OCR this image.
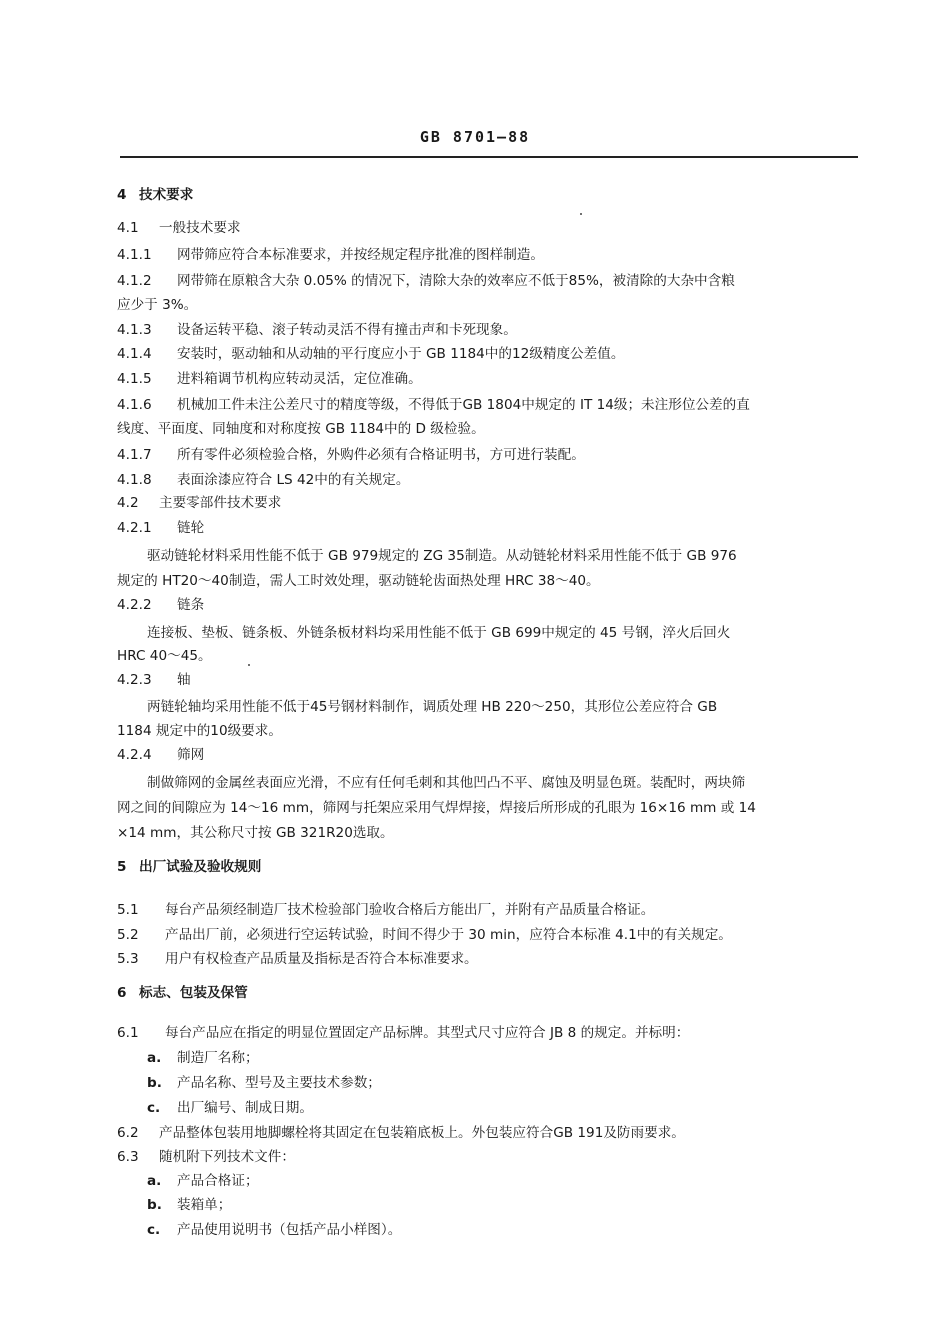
GB 8701—88
4 技术要求
4.1 一般技术要求
4.1.1 网带筛应符合本标准要求，并按经规定程序批准的图样制造。
4.1.2 网带筛在原粮含大杂 0.05% 的情况下，清除大杂的效率应不低于85%，被清除的大杂中含粮
应少于 3%。
4.1.3 设备运转平稳、滚子转动灵活不得有撞击声和卡死现象。
4.1.4 安装时，驱动轴和从动轴的平行度应小于 GB 1184中的12级精度公差值。
4.1.5 进料箱调节机构应转动灵活，定位准确。
4.1.6 机械加工件未注公差尺寸的精度等级，不得低于GB 1804中规定的 IT 14级；未注形位公差的直
线度、平面度、同轴度和对称度按 GB 1184中的 D 级检验。
4.1.7 所有零件必须检验合格，外购件必须有合格证明书，方可进行装配。
4.1.8 表面涂漆应符合 LS 42中的有关规定。
4.2 主要零部件技术要求
4.2.1 链轮
驱动链轮材料采用性能不低于 GB 979规定的 ZG 35制造。从动链轮材料采用性能不低于 GB 976
规定的 HT20～40制造，需人工时效处理，驱动链轮齿面热处理 HRC 38～40。
4.2.2 链条
连接板、垫板、链条板、外链条板材料均采用性能不低于 GB 699中规定的 45 号钢，淬火后回火
HRC 40～45。
4.2.3 轴
两链轮轴均采用性能不低于45号钢材料制作，调质处理 HB 220～250，其形位公差应符合 GB
1184 规定中的10级要求。
4.2.4 筛网
制做筛网的金属丝表面应光滑，不应有任何毛刺和其他凹凸不平、腐蚀及明显色斑。装配时，两块筛
网之间的间隙应为 14～16 mm，筛网与托架应采用气焊焊接，焊接后所形成的孔眼为 16×16 mm 或 14
×14 mm，其公称尺寸按 GB 321R20选取。
5 出厂试验及验收规则
5.1 每台产品须经制造厂技术检验部门验收合格后方能出厂，并附有产品质量合格证。
5.2 产品出厂前，必须进行空运转试验，时间不得少于 30 min，应符合本标准 4.1中的有关规定。
5.3 用户有权检查产品质量及指标是否符合本标准要求。
6 标志、包装及保管
6.1 每台产品应在指定的明显位置固定产品标牌。其型式尺寸应符合 JB 8 的规定。并标明：
a. 制造厂名称；
b. 产品名称、型号及主要技术参数；
c. 出厂编号、制成日期。
6.2 产品整体包装用地脚螺栓将其固定在包装箱底板上。外包装应符合GB 191及防雨要求。
6.3 随机附下列技术文件：
a. 产品合格证；
b. 装箱单；
c. 产品使用说明书（包括产品小样图）。
